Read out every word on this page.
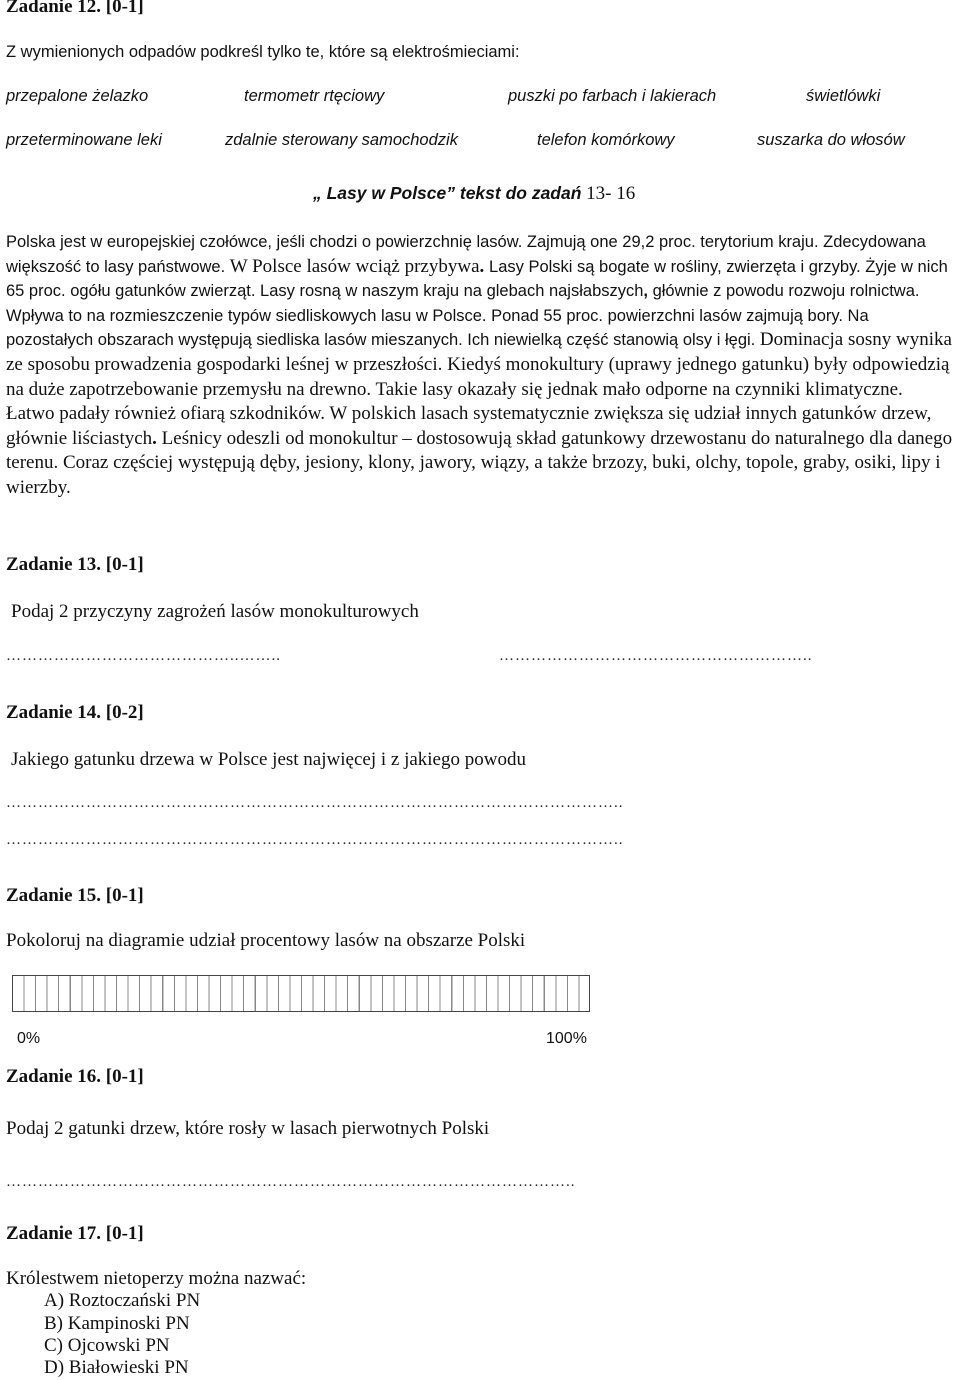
Zadanie 12. [0-1]
Z wymienionych odpadów podkreśl tylko te, które są elektrośmieciami:
przepalone żelazko	termometr rtęciowy	puszki po farbach i lakierach	świetlówki
przeterminowane leki	zdalnie sterowany samochodzik	telefon komórkowy	suszarka do włosów
„ Lasy w Polsce” tekst do zadań 13- 16
Polska jest w europejskiej czołówce, jeśli chodzi o powierzchnię lasów. Zajmują one 29,2 proc. terytorium kraju. Zdecydowana większość to lasy państwowe. W Polsce lasów wciąż przybywa. Lasy Polski są bogate w rośliny, zwierzęta i grzyby. Żyje w nich 65 proc. ogółu gatunków zwierząt. Lasy rosną w naszym kraju na glebach najsłabszych, głównie z powodu rozwoju rolnictwa. Wpływa to na rozmieszczenie typów siedliskowych lasu w Polsce. Ponad 55 proc. powierzchni lasów zajmują bory. Na pozostałych obszarach występują siedliska lasów mieszanych. Ich niewielką część stanowią olsy i łęgi. Dominacja sosny wynika ze sposobu prowadzenia gospodarki leśnej w przeszłości. Kiedyś monokultury (uprawy jednego gatunku) były odpowiedzią na duże zapotrzebowanie przemysłu na drewno. Takie lasy okazały się jednak mało odporne na czynniki klimatyczne. Łatwo padały również ofiarą szkodników. W polskich lasach systematycznie zwiększa się udział innych gatunków drzew, głównie liściastych. Leśnicy odeszli od monokultur – dostosowują skład gatunkowy drzewostanu do naturalnego dla danego terenu. Coraz częściej występują dęby, jesiony, klony, jawory, wiązy, a także brzozy, buki, olchy, topole, graby, osiki, lipy i wierzby.
Zadanie 13. [0-1]
Podaj 2 przyczyny zagrożeń lasów monokulturowych
……………………………………..……..	…………………………………………………..
Zadanie 14. [0-2]
Jakiego gatunku drzewa w Polsce jest najwięcej i z jakiego powodu
……………………………………………………………………………………………………..
……………………………………………………………………………………………………..
Zadanie 15. [0-1]
Pokoloruj na diagramie udział procentowy lasów na obszarze Polski
0%	100%
Zadanie 16. [0-1]
Podaj 2 gatunki drzew, które rosły w lasach pierwotnych Polski
……………………………………………………………………………………………..
Zadanie 17. [0-1]
Królestwem nietoperzy można nazwać:
A) Roztoczański PN
B) Kampinoski PN
C) Ojcowski PN
D) Białowieski PN
